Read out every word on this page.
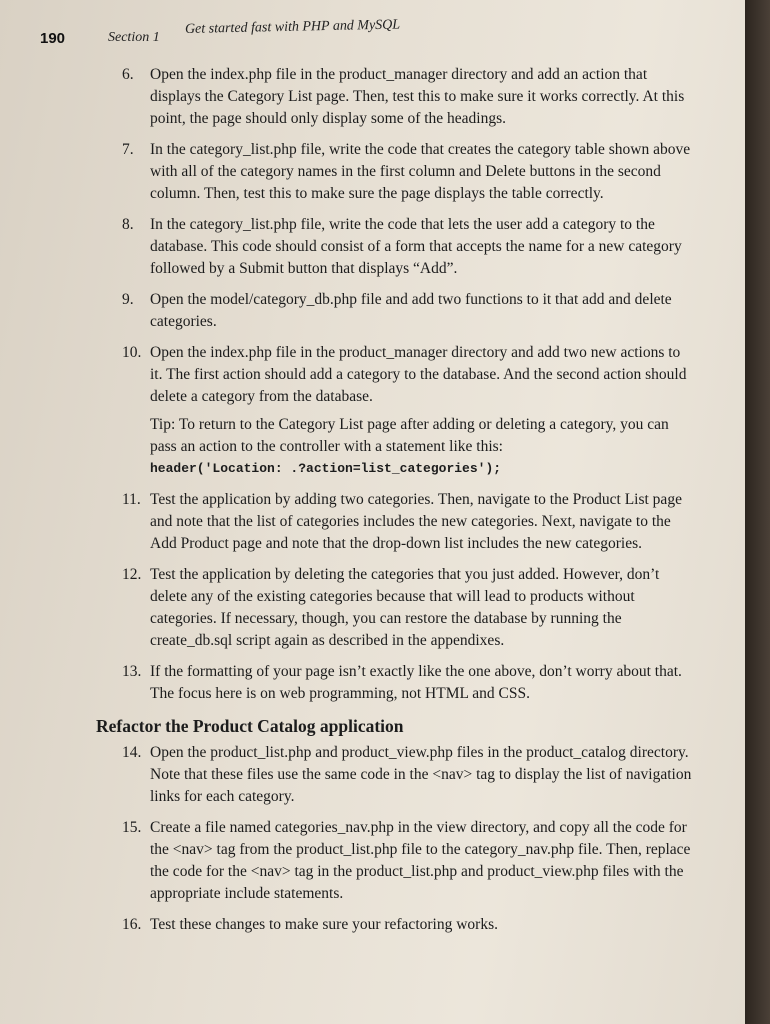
190	Section 1
Get started fast with PHP and MySQL
6. Open the index.php file in the product_manager directory and add an action that displays the Category List page. Then, test this to make sure it works correctly. At this point, the page should only display some of the headings.
7. In the category_list.php file, write the code that creates the category table shown above with all of the category names in the first column and Delete buttons in the second column. Then, test this to make sure the page displays the table correctly.
8. In the category_list.php file, write the code that lets the user add a category to the database. This code should consist of a form that accepts the name for a new category followed by a Submit button that displays “Add”.
9. Open the model/category_db.php file and add two functions to it that add and delete categories.
10. Open the index.php file in the product_manager directory and add two new actions to it. The first action should add a category to the database. And the second action should delete a category from the database.
Tip: To return to the Category List page after adding or deleting a category, you can pass an action to the controller with a statement like this:
header('Location: .?action=list_categories');
11. Test the application by adding two categories. Then, navigate to the Product List page and note that the list of categories includes the new categories. Next, navigate to the Add Product page and note that the drop-down list includes the new categories.
12. Test the application by deleting the categories that you just added. However, don’t delete any of the existing categories because that will lead to products without categories. If necessary, though, you can restore the database by running the create_db.sql script again as described in the appendixes.
13. If the formatting of your page isn’t exactly like the one above, don’t worry about that. The focus here is on web programming, not HTML and CSS.
Refactor the Product Catalog application
14. Open the product_list.php and product_view.php files in the product_catalog directory. Note that these files use the same code in the <nav> tag to display the list of navigation links for each category.
15. Create a file named categories_nav.php in the view directory, and copy all the code for the <nav> tag from the product_list.php file to the category_nav.php file. Then, replace the code for the <nav> tag in the product_list.php and product_view.php files with the appropriate include statements.
16. Test these changes to make sure your refactoring works.
